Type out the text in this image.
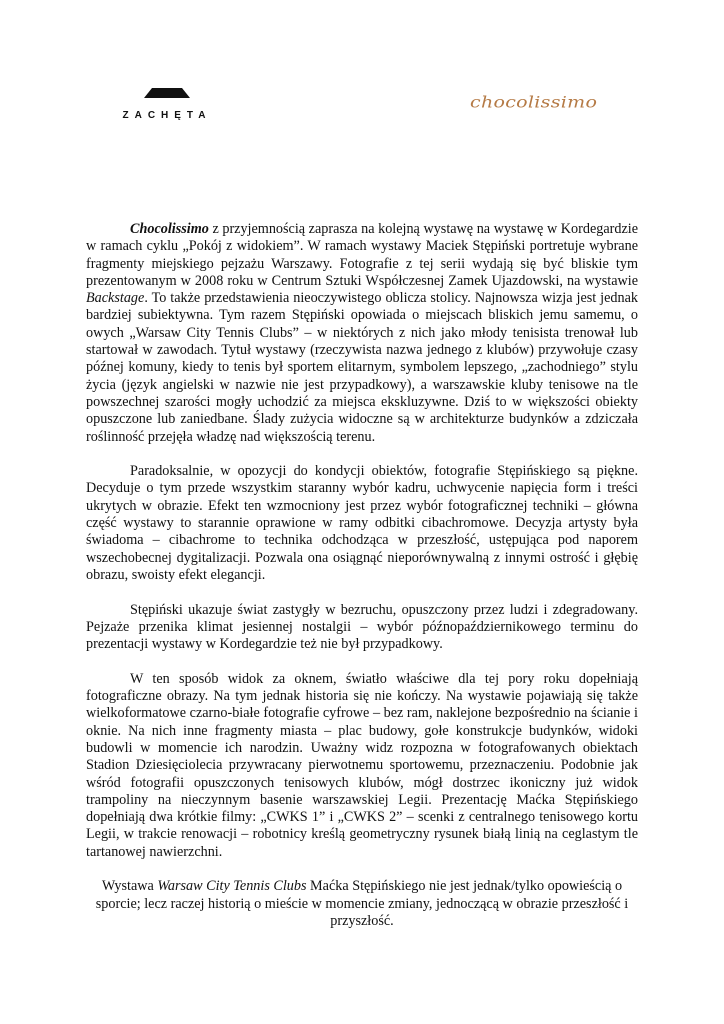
ZACHĘTA
chocolissimo

Chocolissimo z przyjemnością zaprasza na kolejną wystawę na wystawę w Kordegardzie w ramach cyklu „Pokój z widokiem”. W ramach wystawy Maciek Stępiński portretuje wybrane fragmenty miejskiego pejzażu Warszawy. Fotografie z tej serii wydają się być bliskie tym prezentowanym w 2008 roku w Centrum Sztuki Współczesnej Zamek Ujazdowski, na wystawie Backstage. To także przedstawienia nieoczywistego oblicza stolicy. Najnowsza wizja jest jednak bardziej subiektywna. Tym razem Stępiński opowiada o miejscach bliskich jemu samemu, o owych „Warsaw City Tennis Clubs” – w niektórych z nich jako młody tenisista trenował lub startował w zawodach. Tytuł wystawy (rzeczywista nazwa jednego z klubów) przywołuje czasy późnej komuny, kiedy to tenis był sportem elitarnym, symbolem lepszego, „zachodniego” stylu życia (język angielski w nazwie nie jest przypadkowy), a warszawskie kluby tenisowe na tle powszechnej szarości mogły uchodzić za miejsca ekskluzywne. Dziś to w większości obiekty opuszczone lub zaniedbane. Ślady zużycia widoczne są w architekturze budynków a zdziczała roślinność przejęła władzę nad większością terenu.

Paradoksalnie, w opozycji do kondycji obiektów, fotografie Stępińskiego są piękne. Decyduje o tym przede wszystkim staranny wybór kadru, uchwycenie napięcia form i treści ukrytych w obrazie. Efekt ten wzmocniony jest przez wybór fotograficznej techniki – główna część wystawy to starannie oprawione w ramy odbitki cibachromowe. Decyzja artysty była świadoma – cibachrome to technika odchodząca w przeszłość, ustępująca pod naporem wszechobecnej dygitalizacji. Pozwala ona osiągnąć nieporównywalną z innymi ostrość i głębię obrazu, swoisty efekt elegancji.

Stępiński ukazuje świat zastygły w bezruchu, opuszczony przez ludzi i zdegradowany. Pejzaże przenika klimat jesiennej nostalgii – wybór późnopaździernikowego terminu do prezentacji wystawy w Kordegardzie też nie był przypadkowy.

W ten sposób widok za oknem, światło właściwe dla tej pory roku dopełniają fotograficzne obrazy. Na tym jednak historia się nie kończy. Na wystawie pojawiają się także wielkoformatowe czarno-białe fotografie cyfrowe – bez ram, naklejone bezpośrednio na ścianie i oknie. Na nich inne fragmenty miasta – plac budowy, gołe konstrukcje budynków, widoki budowli w momencie ich narodzin. Uważny widz rozpozna w fotografowanych obiektach Stadion Dziesięciolecia przywracany pierwotnemu sportowemu, przeznaczeniu. Podobnie jak wśród fotografii opuszczonych tenisowych klubów, mógł dostrzec ikoniczny już widok trampoliny na nieczynnym basenie warszawskiej Legii. Prezentację Maćka Stępińskiego dopełniają dwa krótkie filmy: „CWKS 1” i „CWKS 2” – scenki z centralnego tenisowego kortu Legii, w trakcie renowacji – robotnicy kreślą geometryczny rysunek białą linią na ceglastym tle tartanowej nawierzchni.

Wystawa Warsaw City Tennis Clubs Maćka Stępińskiego nie jest jednak/tylko opowieścią o sporcie; lecz raczej historią o mieście w momencie zmiany, jednoczącą w obrazie przeszłość i przyszłość.
